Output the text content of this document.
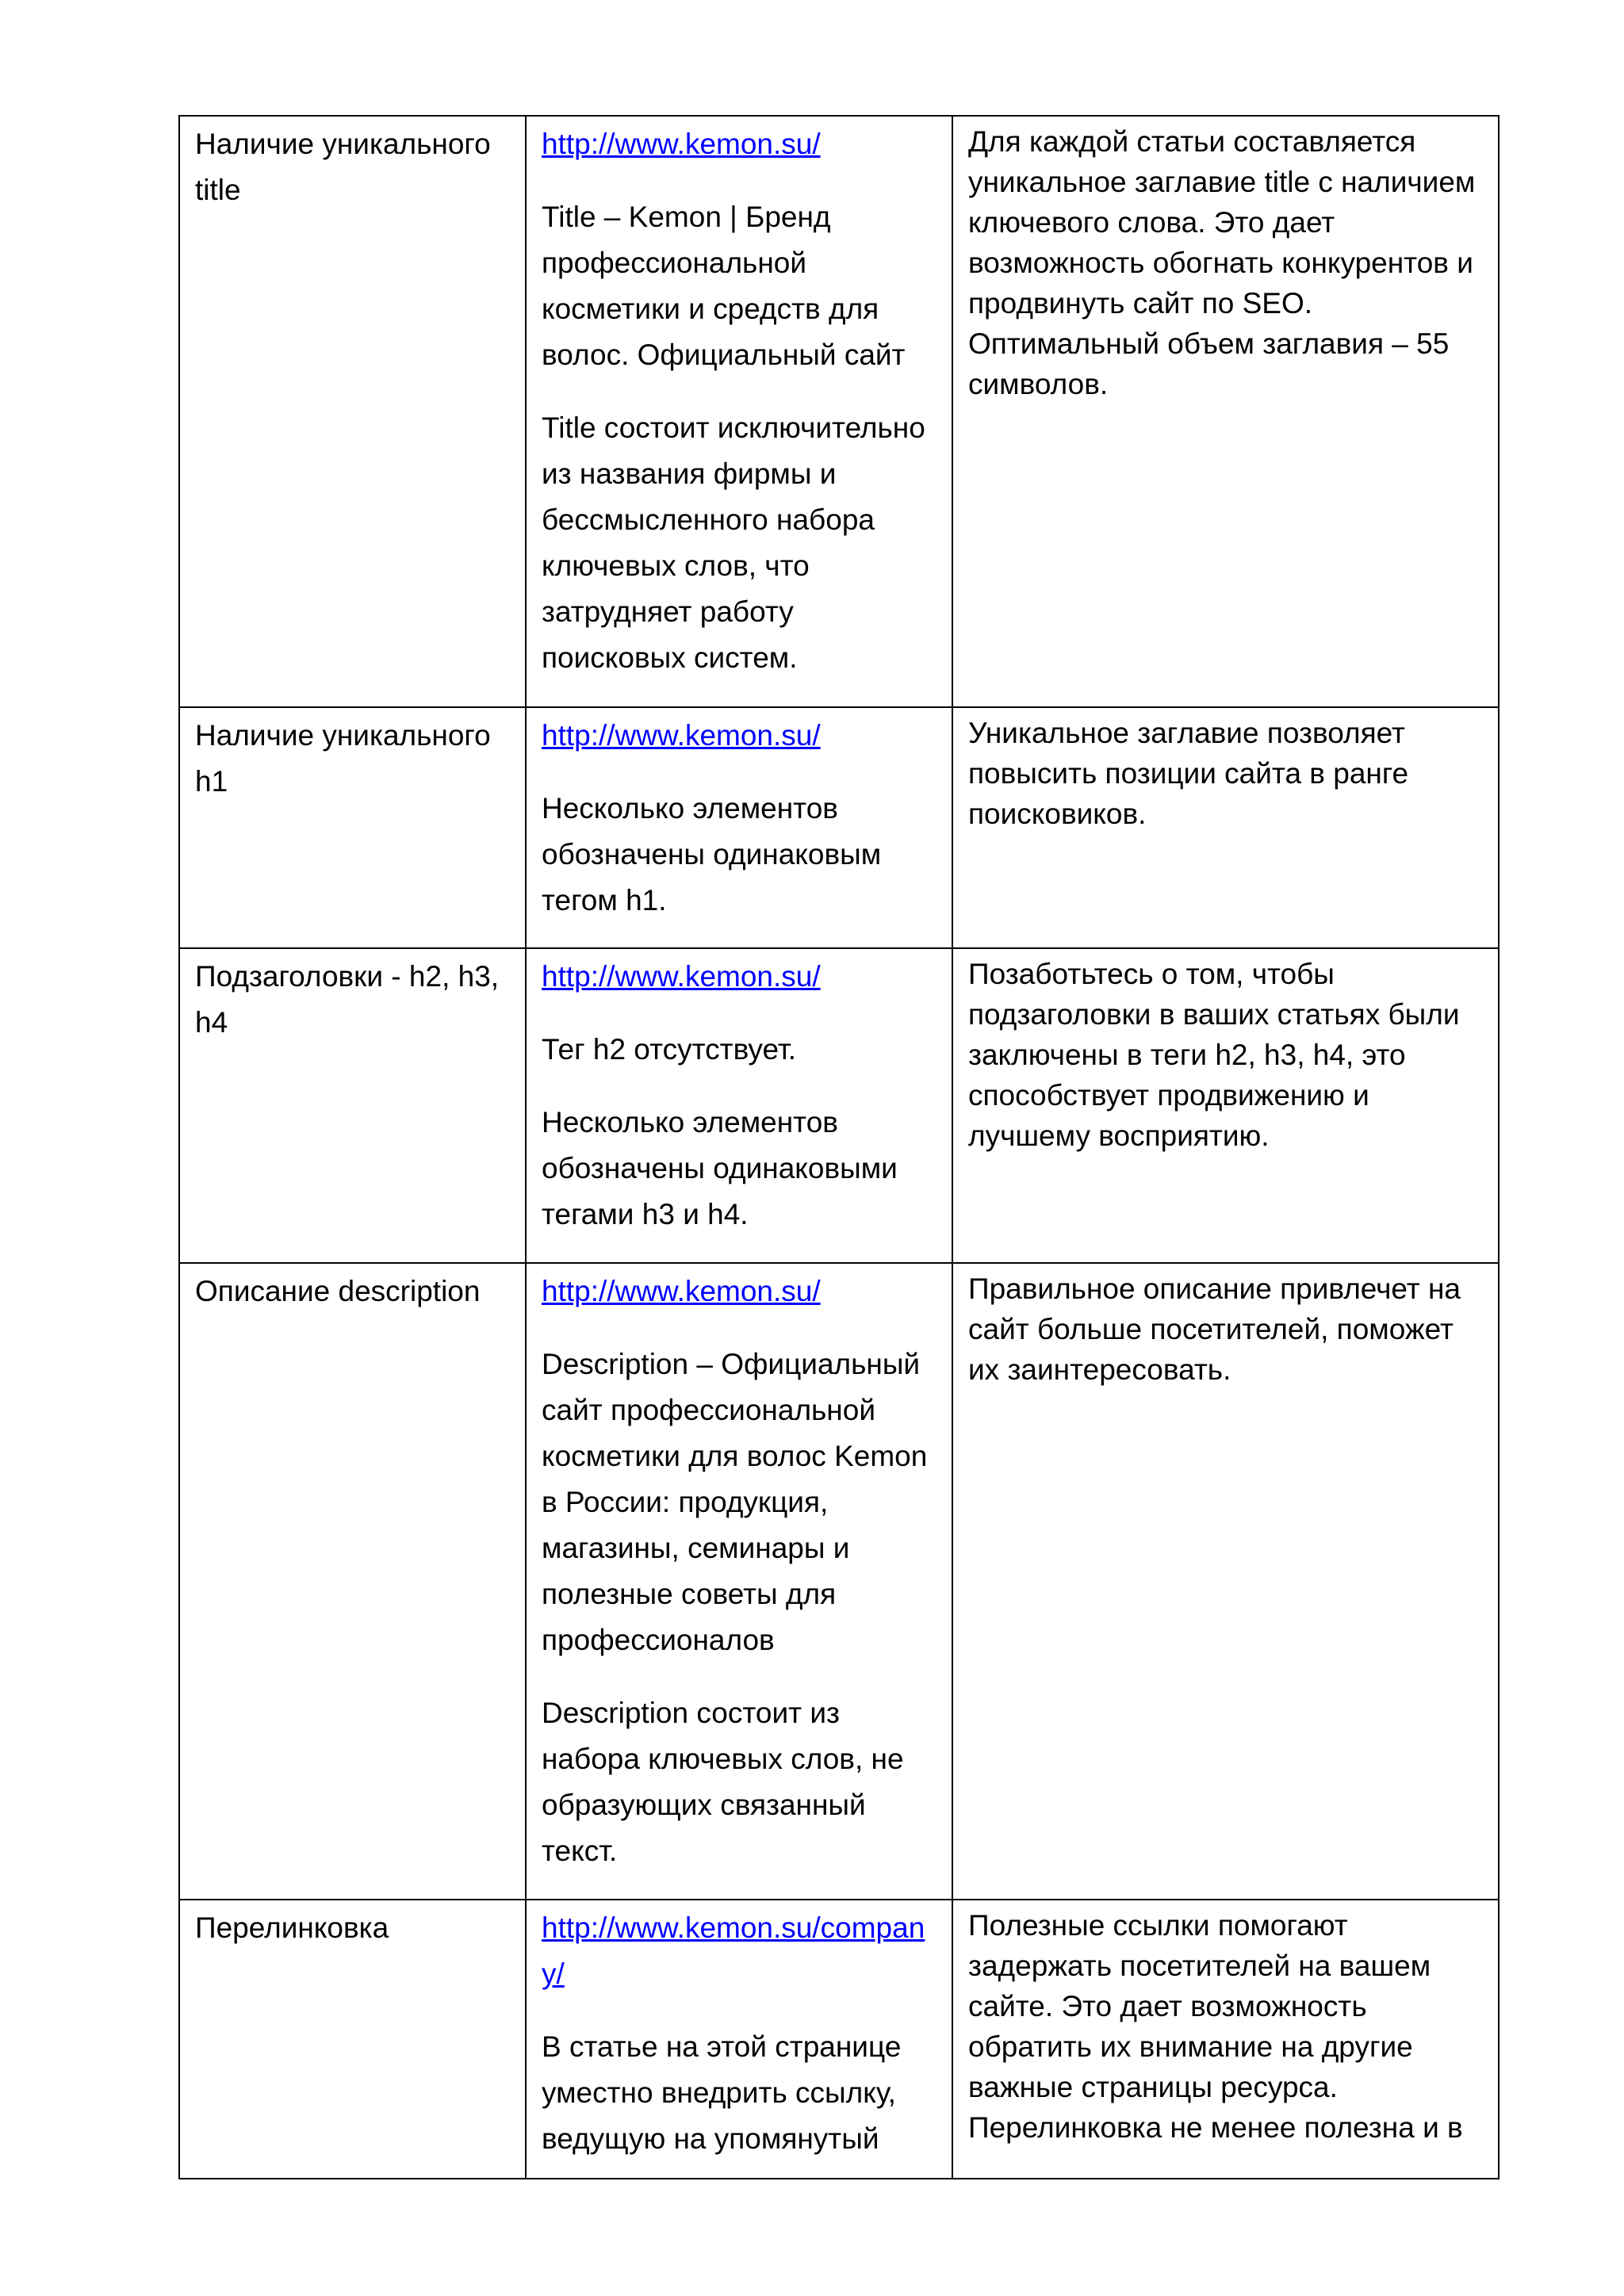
Наличие уникального title	http://www.kemon.su/
Title – Kemon | Бренд профессиональной косметики и средств для волос. Официальный сайт
Title состоит исключительно из названия фирмы и бессмысленного набора ключевых слов, что затрудняет работу поисковых систем.	Для каждой статьи составляется уникальное заглавие title с наличием ключевого слова. Это дает возможность обогнать конкурентов и продвинуть сайт по SEO. Оптимальный объем заглавия – 55 символов.

Наличие уникального h1	http://www.kemon.su/
Несколько элементов обозначены одинаковым тегом h1.	Уникальное заглавие позволяет повысить позиции сайта в ранге поисковиков.

Подзаголовки - h2, h3, h4	http://www.kemon.su/
Тег h2 отсутствует.
Несколько элементов обозначены одинаковыми тегами h3 и h4.	Позаботьтесь о том, чтобы подзаголовки в ваших статьях были заключены в теги h2, h3, h4, это способствует продвижению и лучшему восприятию.

Описание description	http://www.kemon.su/
Description – Официальный сайт профессиональной косметики для волос Kemon в России: продукция, магазины, семинары и полезные советы для профессионалов
Description состоит из набора ключевых слов, не образующих связанный текст.	Правильное описание привлечет на сайт больше посетителей, поможет их заинтересовать.

Перелинковка	http://www.kemon.su/company/
В статье на этой странице уместно внедрить ссылку, ведущую на упомянутый	Полезные ссылки помогают задержать посетителей на вашем сайте. Это дает возможность обратить их внимание на другие важные страницы ресурса. Перелинковка не менее полезна и в
